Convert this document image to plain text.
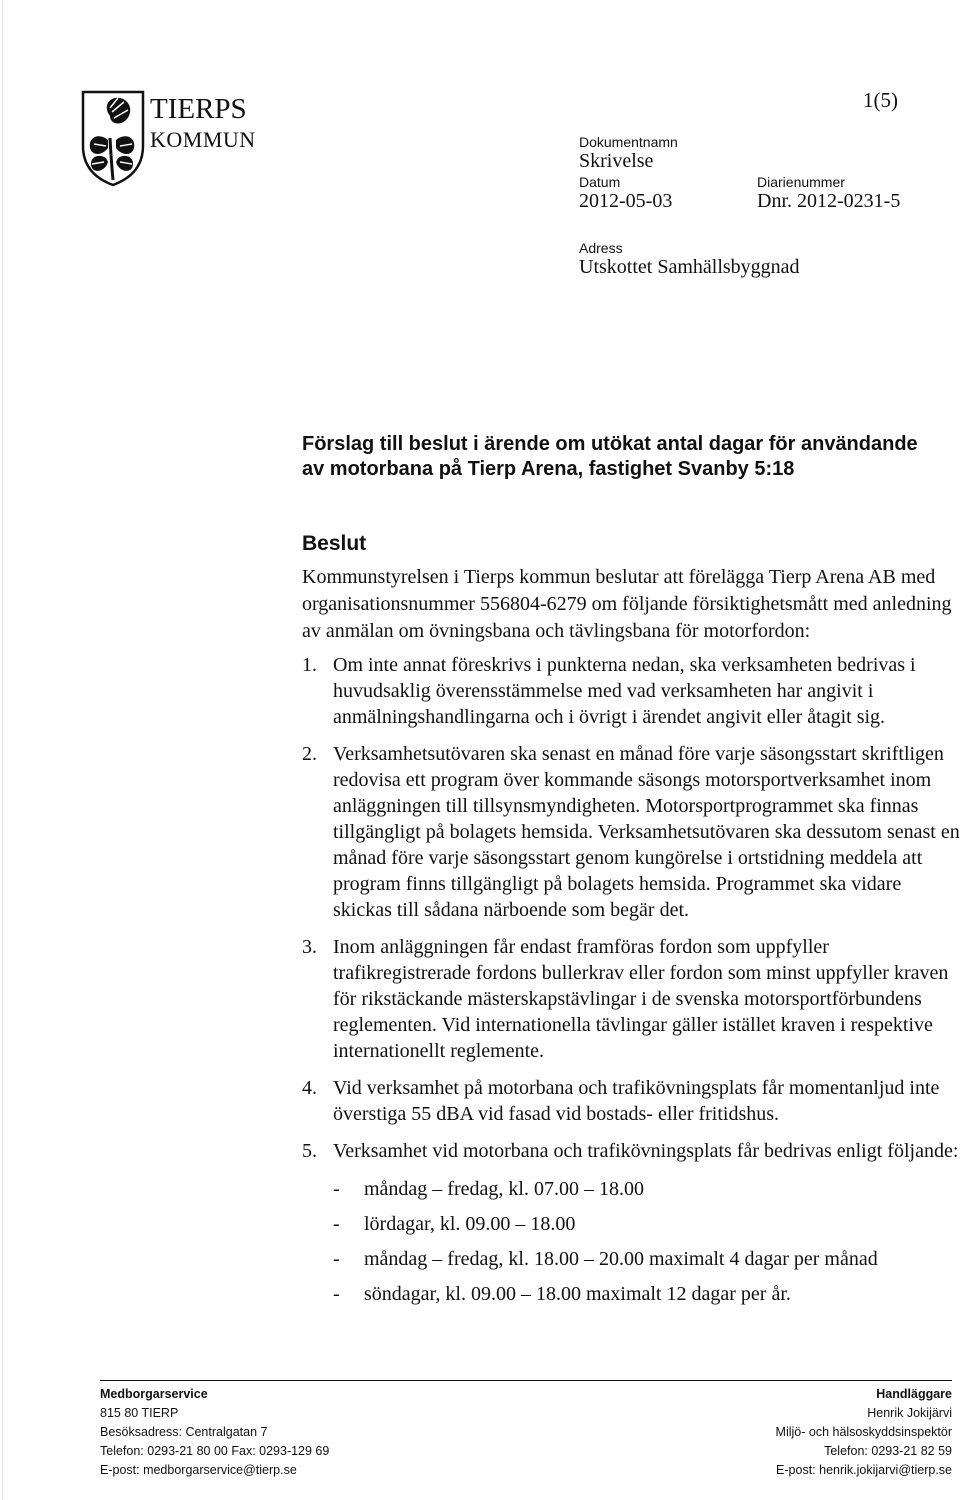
TIERPS
KOMMUN
1(5)
Dokumentnamn
Skrivelse
Datum
2012-05-03
Diarienummer
Dnr. 2012-0231-5
Adress
Utskottet Samhällsbyggnad
Förslag till beslut i ärende om utökat antal dagar för användande av motorbana på Tierp Arena, fastighet Svanby 5:18
Beslut

Kommunstyrelsen i Tierps kommun beslutar att förelägga Tierp Arena AB med organisationsnummer 556804-6279 om följande försiktighetsmått med anledning av anmälan om övningsbana och tävlingsbana för motorfordon:

1. Om inte annat föreskrivs i punkterna nedan, ska verksamheten bedrivas i huvudsaklig överensstämmelse med vad verksamheten har angivit i anmälningshandlingarna och i övrigt i ärendet angivit eller åtagit sig.
2. Verksamhetsutövaren ska senast en månad före varje säsongsstart skriftligen redovisa ett program över kommande säsongs motorsportverksamhet inom anläggningen till tillsynsmyndigheten. Motorsportprogrammet ska finnas tillgängligt på bolagets hemsida. Verksamhetsutövaren ska dessutom senast en månad före varje säsongsstart genom kungörelse i ortstidning meddela att program finns tillgängligt på bolagets hemsida. Programmet ska vidare skickas till sådana närboende som begär det.
3. Inom anläggningen får endast framföras fordon som uppfyller trafikregistrerade fordons bullerkrav eller fordon som minst uppfyller kraven för rikstäckande mästerskapstävlingar i de svenska motorsportförbundens reglementen. Vid internationella tävlingar gäller istället kraven i respektive internationellt reglemente.
4. Vid verksamhet på motorbana och trafikövningsplats får momentanljud inte överstiga 55 dBA vid fasad vid bostads- eller fritidshus.
5. Verksamhet vid motorbana och trafikövningsplats får bedrivas enligt följande:
- måndag – fredag, kl. 07.00 – 18.00
- lördagar, kl. 09.00 – 18.00
- måndag – fredag, kl. 18.00 – 20.00 maximalt 4 dagar per månad
- söndagar, kl. 09.00 – 18.00 maximalt 12 dagar per år.
Medborgarservice
815 80 TIERP
Besöksadress: Centralgatan 7
Telefon: 0293-21 80 00 Fax: 0293-129 69
E-post: medborgarservice@tierp.se
Handläggare
Henrik Jokijärvi
Miljö- och hälsoskyddsinspektör
Telefon: 0293-21 82 59
E-post: henrik.jokijarvi@tierp.se
